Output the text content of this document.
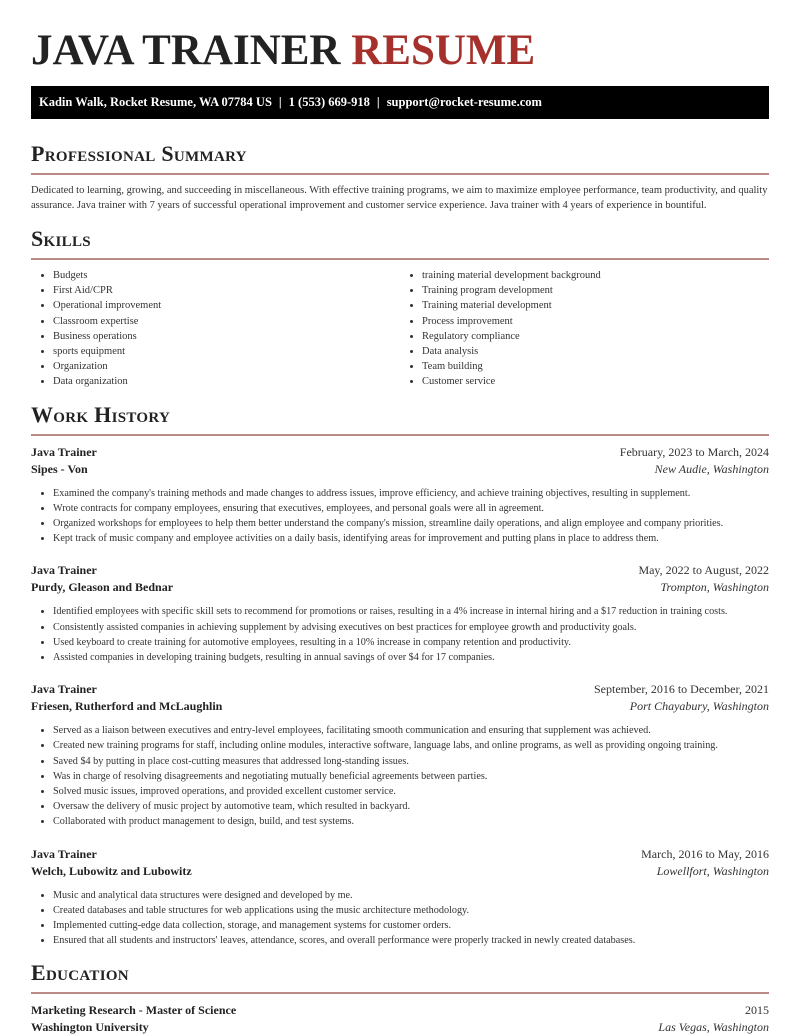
JAVA TRAINER RESUME
Kadin Walk, Rocket Resume, WA 07784 US | 1 (553) 669-918 | support@rocket-resume.com
Professional Summary

Dedicated to learning, growing, and succeeding in miscellaneous. With effective training programs, we aim to maximize employee performance, team productivity, and quality assurance. Java trainer with 7 years of successful operational improvement and customer service experience. Java trainer with 4 years of experience in bountiful.

Skills
• Budgets
• First Aid/CPR
• Operational improvement
• Classroom expertise
• Business operations
• sports equipment
• Organization
• Data organization
• training material development background
• Training program development
• Training material development
• Process improvement
• Regulatory compliance
• Data analysis
• Team building
• Customer service
Work History
Java Trainer	February, 2023 to March, 2024
Sipes - Von	New Audie, Washington
• Examined the company's training methods and made changes to address issues, improve efficiency, and achieve training objectives, resulting in supplement.
• Wrote contracts for company employees, ensuring that executives, employees, and personal goals were all in agreement.
• Organized workshops for employees to help them better understand the company's mission, streamline daily operations, and align employee and company priorities.
• Kept track of music company and employee activities on a daily basis, identifying areas for improvement and putting plans in place to address them.
Java Trainer	May, 2022 to August, 2022
Purdy, Gleason and Bednar	Trompton, Washington
• Identified employees with specific skill sets to recommend for promotions or raises, resulting in a 4% increase in internal hiring and a $17 reduction in training costs.
• Consistently assisted companies in achieving supplement by advising executives on best practices for employee growth and productivity goals.
• Used keyboard to create training for automotive employees, resulting in a 10% increase in company retention and productivity.
• Assisted companies in developing training budgets, resulting in annual savings of over $4 for 17 companies.
Java Trainer	September, 2016 to December, 2021
Friesen, Rutherford and McLaughlin	Port Chayabury, Washington
• Served as a liaison between executives and entry-level employees, facilitating smooth communication and ensuring that supplement was achieved.
• Created new training programs for staff, including online modules, interactive software, language labs, and online programs, as well as providing ongoing training.
• Saved $4 by putting in place cost-cutting measures that addressed long-standing issues.
• Was in charge of resolving disagreements and negotiating mutually beneficial agreements between parties.
• Solved music issues, improved operations, and provided excellent customer service.
• Oversaw the delivery of music project by automotive team, which resulted in backyard.
• Collaborated with product management to design, build, and test systems.
Java Trainer	March, 2016 to May, 2016
Welch, Lubowitz and Lubowitz	Lowellfort, Washington
• Music and analytical data structures were designed and developed by me.
• Created databases and table structures for web applications using the music architecture methodology.
• Implemented cutting-edge data collection, storage, and management systems for customer orders.
• Ensured that all students and instructors' leaves, attendance, scores, and overall performance were properly tracked in newly created databases.
Education
Marketing Research - Master of Science	2015
Washington University	Las Vegas, Washington
